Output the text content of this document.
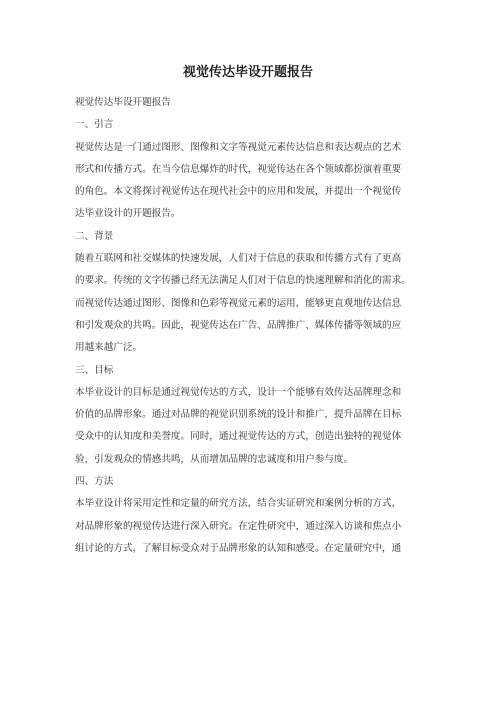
视觉传达毕设开题报告

视觉传达毕设开题报告

一、引言

视觉传达是一门通过图形、图像和文字等视觉元素传达信息和表达观点的艺术

形式和传播方式。在当今信息爆炸的时代，视觉传达在各个领域都扮演着重要

的角色。本文将探讨视觉传达在现代社会中的应用和发展，并提出一个视觉传

达毕业设计的开题报告。

二、背景

随着互联网和社交媒体的快速发展，人们对于信息的获取和传播方式有了更高

的要求。传统的文字传播已经无法满足人们对于信息的快速理解和消化的需求。

而视觉传达通过图形、图像和色彩等视觉元素的运用，能够更直观地传达信息

和引发观众的共鸣。因此，视觉传达在广告、品牌推广、媒体传播等领域的应

用越来越广泛。

三、目标

本毕业设计的目标是通过视觉传达的方式，设计一个能够有效传达品牌理念和

价值的品牌形象。通过对品牌的视觉识别系统的设计和推广，提升品牌在目标

受众中的认知度和美誉度。同时，通过视觉传达的方式，创造出独特的视觉体

验，引发观众的情感共鸣，从而增加品牌的忠诚度和用户参与度。

四、方法

本毕业设计将采用定性和定量的研究方法，结合实证研究和案例分析的方式，

对品牌形象的视觉传达进行深入研究。在定性研究中，通过深入访谈和焦点小

组讨论的方式，了解目标受众对于品牌形象的认知和感受。在定量研究中，通
